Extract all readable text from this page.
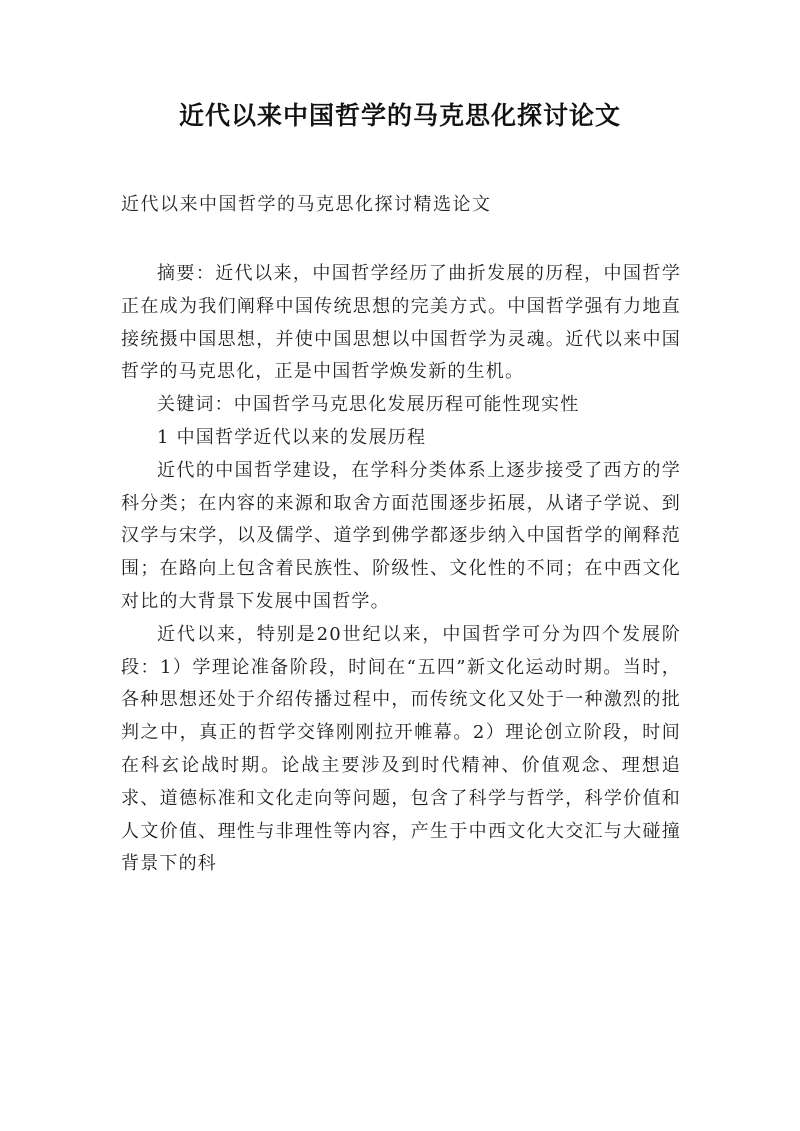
近代以来中国哲学的马克思化探讨论文
近代以来中国哲学的马克思化探讨精选论文

摘要：近代以来，中国哲学经历了曲折发展的历程，中国哲学正在成为我们阐释中国传统思想的完美方式。中国哲学强有力地直接统摄中国思想，并使中国思想以中国哲学为灵魂。近代以来中国哲学的马克思化，正是中国哲学焕发新的生机。

关键词：中国哲学马克思化发展历程可能性现实性

1 中国哲学近代以来的发展历程

近代的中国哲学建设，在学科分类体系上逐步接受了西方的学科分类；在内容的来源和取舍方面范围逐步拓展，从诸子学说、到汉学与宋学，以及儒学、道学到佛学都逐步纳入中国哲学的阐释范围；在路向上包含着民族性、阶级性、文化性的不同；在中西文化对比的大背景下发展中国哲学。

近代以来，特别是20世纪以来，中国哲学可分为四个发展阶段：1）学理论准备阶段，时间在“五四”新文化运动时期。当时，各种思想还处于介绍传播过程中，而传统文化又处于一种激烈的批判之中，真正的哲学交锋刚刚拉开帷幕。2）理论创立阶段，时间在科玄论战时期。论战主要涉及到时代精神、价值观念、理想追求、道德标准和文化走向等问题，包含了科学与哲学，科学价值和人文价值、理性与非理性等内容，产生于中西文化大交汇与大碰撞背景下的科
